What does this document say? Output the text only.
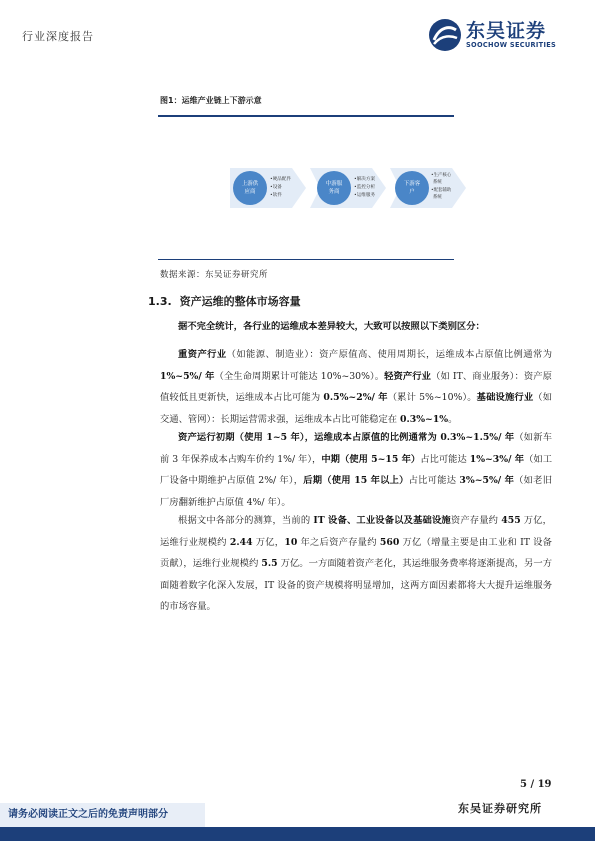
行业深度报告	东吴证券
SOOCHOW SECURITIES
图1：运维产业链上下游示意
上游供
应商
•硬品配件
•设备
•软件
中游服
务商
•解决方案
•监控分析
•运维服务
下游客
户
•生产核心
系统
•配套辅助
系统
数据来源：东吴证券研究所
1.3. 资产运维的整体市场容量

据不完全统计，各行业的运维成本差异较大，大致可以按照以下类别区分：

重资产行业（如能源、制造业）：资产原值高、使用周期长，运维成本占原值比例通常为 1%~5%/ 年（全生命周期累计可能达 10%~30%）。轻资产行业（如 IT、商业服务）：资产原值较低且更新快，运维成本占比可能为 0.5%~2%/ 年（累计 5%~10%）。基础设施行业（如交通、管网）：长期运营需求强，运维成本占比可能稳定在 0.3%~1%。

资产运行初期（使用 1~5 年），运维成本占原值的比例通常为 0.3%~1.5%/ 年（如新车前 3 年保养成本占购车价约 1%/ 年），中期（使用 5~15 年）占比可能达 1%~3%/ 年（如工厂设备中期维护占原值 2%/ 年），后期（使用 15 年以上）占比可能达 3%~5%/ 年（如老旧厂房翻新维护占原值 4%/ 年）。

根据文中各部分的测算，当前的 IT 设备、工业设备以及基础设施资产存量约 455 万亿，运维行业规模约 2.44 万亿，10 年之后资产存量约 560 万亿（增量主要是由工业和 IT 设备贡献），运维行业规模约 5.5 万亿。一方面随着资产老化，其运维服务费率将逐渐提高，另一方面随着数字化深入发展，IT 设备的资产规模将明显增加，这两方面因素都将大大提升运维服务的市场容量。

5 / 19
请务必阅读正文之后的免责声明部分	东吴证券研究所
